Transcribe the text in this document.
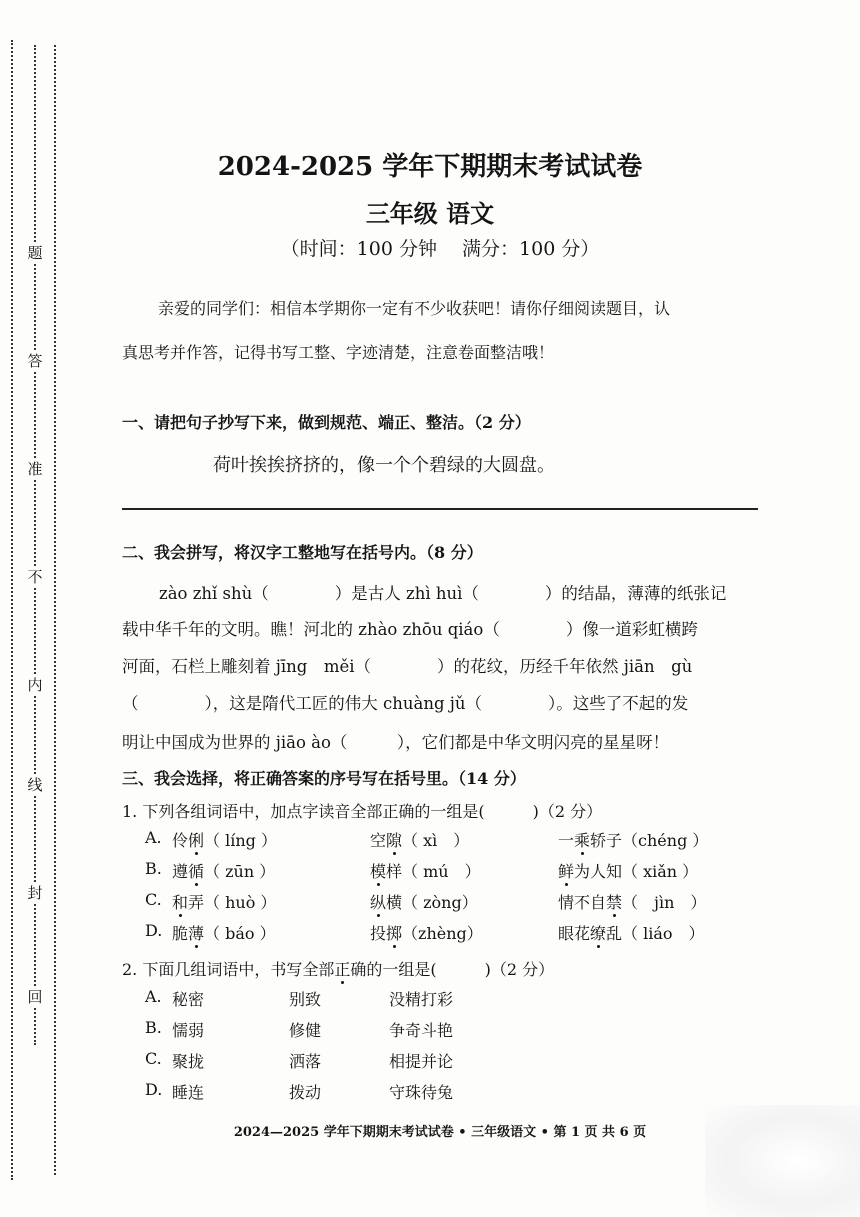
题
答
准
不
内
线
封
回
2024-2025 学年下期期末考试试卷
三年级 语文
（时间：100 分钟　 满分：100 分）
亲爱的同学们：相信本学期你一定有不少收获吧！请你仔细阅读题目，认
真思考并作答，记得书写工整、字迹清楚，注意卷面整洁哦！
一、请把句子抄写下来，做到规范、端正、整洁。（2 分）
荷叶挨挨挤挤的，像一个个碧绿的大圆盘。
二、我会拼写，将汉字工整地写在括号内。（8 分）
zào zhǐ shù（　　　　）是古人 zhì huì（　　　　）的结晶，薄薄的纸张记
载中华千年的文明。瞧！河北的 zhào zhōu qiáo（　　　　）像一道彩虹横跨
河面，石栏上雕刻着 jīng　měi（　　　　）的花纹，历经千年依然 jiān　gù
（　　　　），这是隋代工匠的伟大 chuàng jǔ（　　　　）。这些了不起的发
明让中国成为世界的 jiāo ào（　　　），它们都是中华文明闪亮的星星呀！
三、我会选择，将正确答案的序号写在括号里。（14 分）
1. 下列各组词语中，加点字读音全部正确的一组是(　　　)（2 分）
A. 伶俐（ líng ）	空隙（ xì　）	一乘轿子（chéng ）
B. 遵循（ zūn ）	模样（ mú　）	鲜为人知（ xiǎn ）
C. 和弄（ huò ）	纵横（ zòng）	情不自禁（　jìn　）
D. 脆薄（ báo ）	投掷（zhèng）	眼花缭乱（ liáo　）
2. 下面几组词语中，书写全部正确的一组是(　　　)（2 分）
A. 秘密	别致	没精打彩
B. 懦弱	修健	争奇斗艳
C. 聚拢	洒落	相提并论
D. 睡连	拨动	守珠待兔
2024—2025 学年下期期末考试试卷 • 三年级语文 • 第 1 页 共 6 页
